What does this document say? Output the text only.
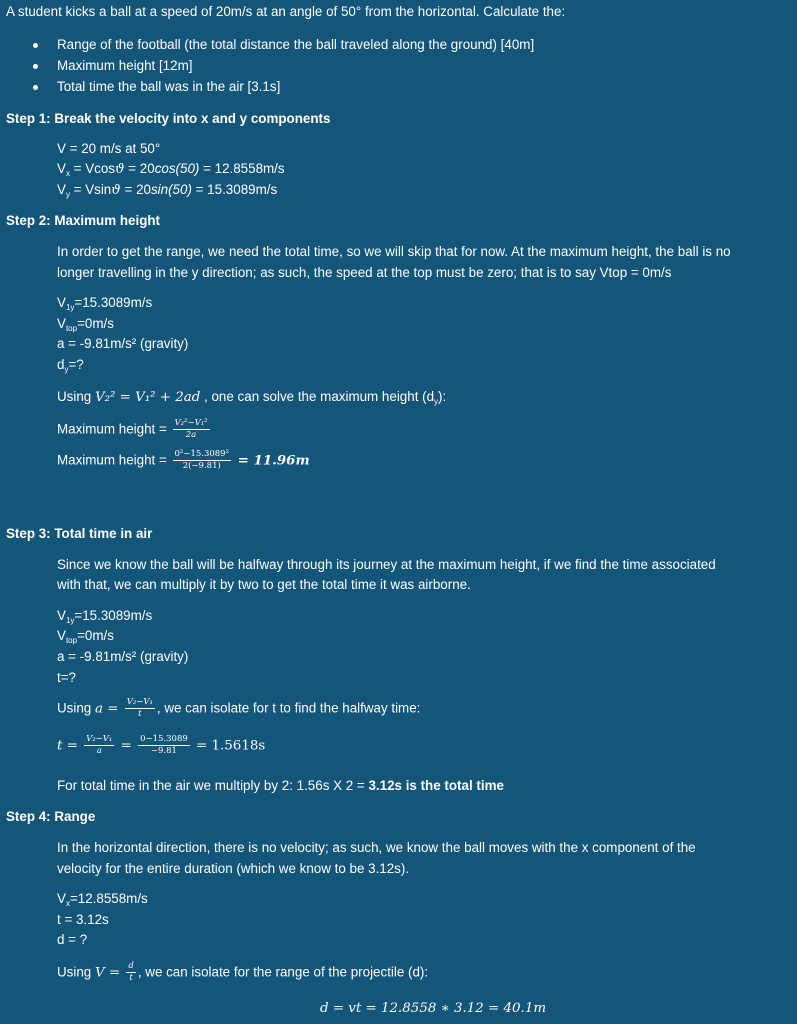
A student kicks a ball at a speed of 20m/s at an angle of 50° from the horizontal. Calculate the:
Range of the football (the total distance the ball traveled along the ground) [40m]
Maximum height [12m]
Total time the ball was in the air [3.1s]
Step 1: Break the velocity into x and y components
V = 20 m/s at 50°
$V_x = Vcosϑ = 20\cos(50) = 12.8558m/s$
$V_y = Vsinϑ = 20\sin(50) = 15.3089m/s$
Step 2: Maximum height
In order to get the range, we need the total time, so we will skip that for now. At the maximum height, the ball is no
longer travelling in the y direction; as such, the speed at the top must be zero; that is to say Vtop = 0m/s
$V_{1y}=15.3089m/s$
$V_{top}=0m/s$
a = -9.81m/s² (gravity)
$d_y=$?
Using V₂² = V₁² + 2ad , one can solve the maximum height $(d_y)$:
Maximum height = $\frac{\text{V₂²−V₁²}}{2a}$
Maximum height = $\frac{\text{0²−15.3089²}}{2(-9.81)} = 11.96m$
Step 3: Total time in air
Since we know the ball will be halfway through its journey at the maximum height, if we find the time associated
with that, we can multiply it by two to get the total time it was airborne.
$V_{1y}=15.3089m/s$
$V_{top}=0m/s$
a = -9.81m/s² (gravity)
t=?
Using $a = \frac{\text{V₂−V₁}}{t}$ , we can isolate for t to find the halfway time:
$t = \frac{\text{V₂−V₁}}{a} = \frac{0-15.3089}{-9.81} = 1.5618s$
For total time in the air we multiply by 2: 1.56s X 2 = 3.12s is the total time
Step 4: Range
In the horizontal direction, there is no velocity; as such, we know the ball moves with the x component of the
velocity for the entire duration (which we know to be 3.12s).
$V_x=12.8558m/s$
t = 3.12s
d = ?
Using $V = \frac{d}{t}$ , we can isolate for the range of the projectile (d):
d = vt = 12.8558 ∗ 3.12 = 40.1m
